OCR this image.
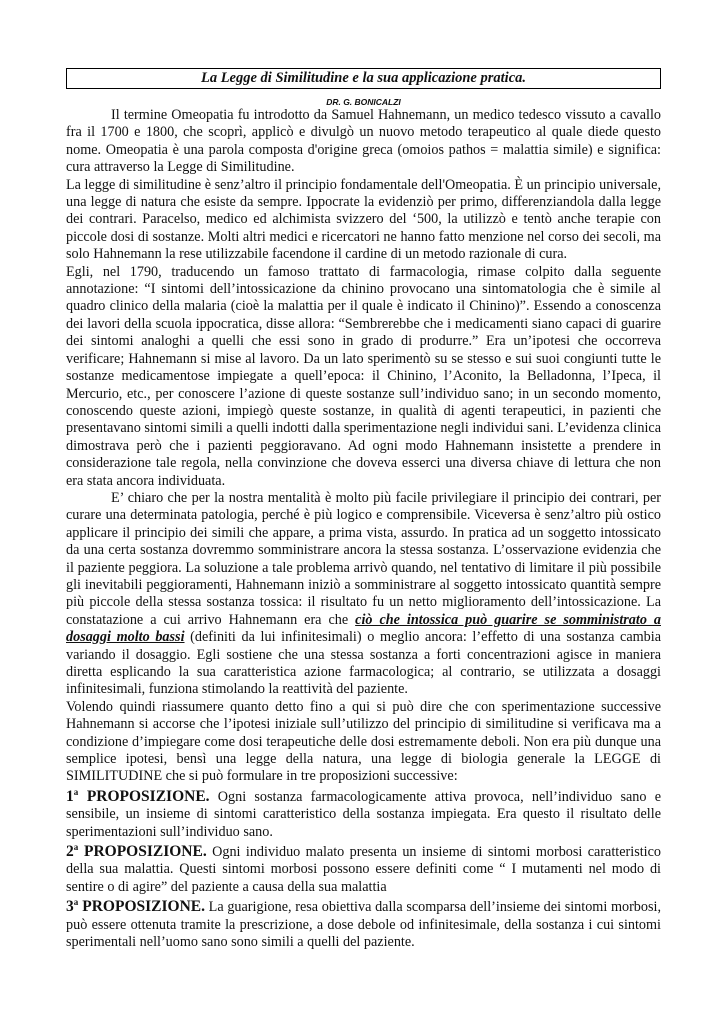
La Legge di Similitudine e la sua applicazione pratica.
DR. G. BONICALZI

Il termine Omeopatia fu introdotto da Samuel Hahnemann, un medico tedesco vissuto a cavallo fra il 1700 e 1800, che scoprì, applicò e divulgò un nuovo metodo terapeutico al quale diede questo nome. Omeopatia è una parola composta d'origine greca (omoios pathos = malattia simile) e significa: cura attraverso la Legge di Similitudine.

La legge di similitudine è senz’altro il principio fondamentale dell'Omeopatia. È un principio universale, una legge di natura che esiste da sempre. Ippocrate la evidenziò per primo, differenziandola dalla legge dei contrari. Paracelso, medico ed alchimista svizzero del ‘500, la utilizzò e tentò anche terapie con piccole dosi di sostanze. Molti altri medici e ricercatori ne hanno fatto menzione nel corso dei secoli, ma solo Hahnemann la rese utilizzabile facendone il cardine di un metodo razionale di cura.

Egli, nel 1790, traducendo un famoso trattato di farmacologia, rimase colpito dalla seguente annotazione: “I sintomi dell’intossicazione da chinino provocano una sintomatologia che è simile al quadro clinico della malaria (cioè la malattia per il quale è indicato il Chinino)”. Essendo a conoscenza dei lavori della scuola ippocratica, disse allora: “Sembrerebbe che i medicamenti siano capaci di guarire dei sintomi analoghi a quelli che essi sono in grado di produrre.” Era un’ipotesi che occorreva verificare; Hahnemann si mise al lavoro. Da un lato sperimentò su se stesso e sui suoi congiunti tutte le sostanze medicamentose impiegate a quell’epoca: il Chinino, l’Aconito, la Belladonna, l’Ipeca, il Mercurio, etc., per conoscere l’azione di queste sostanze sull’individuo sano; in un secondo momento, conoscendo queste azioni, impiegò queste sostanze, in qualità di agenti terapeutici, in pazienti che presentavano sintomi simili a quelli indotti dalla sperimentazione negli individui sani. L’evidenza clinica dimostrava però che i pazienti peggioravano. Ad ogni modo Hahnemann insistette a prendere in considerazione tale regola, nella convinzione che doveva esserci una diversa chiave di lettura che non era stata ancora individuata.

E’ chiaro che per la nostra mentalità è molto più facile privilegiare il principio dei contrari, per curare una determinata patologia, perché è più logico e comprensibile. Viceversa è senz’altro più ostico applicare il principio dei simili che appare, a prima vista, assurdo. In pratica ad un soggetto intossicato da una certa sostanza dovremmo somministrare ancora la stessa sostanza. L’osservazione evidenzia che il paziente peggiora. La soluzione a tale problema arrivò quando, nel tentativo di limitare il più possibile gli inevitabili peggioramenti, Hahnemann iniziò a somministrare al soggetto intossicato quantità sempre più piccole della stessa sostanza tossica: il risultato fu un netto miglioramento dell’intossicazione. La constatazione a cui arrivo Hahnemann era che ciò che intossica può guarire se somministrato a dosaggi molto bassi (definiti da lui infinitesimali) o meglio ancora: l’effetto di una sostanza cambia variando il dosaggio. Egli sostiene che una stessa sostanza a forti concentrazioni agisce in maniera diretta esplicando la sua caratteristica azione farmacologica; al contrario, se utilizzata a dosaggi infinitesimali, funziona stimolando la reattività del paziente.

Volendo quindi riassumere quanto detto fino a qui si può dire che con sperimentazione successive Hahnemann si accorse che l’ipotesi iniziale sull’utilizzo del principio di similitudine si verificava ma a condizione d’impiegare come dosi terapeutiche delle dosi estremamente deboli. Non era più dunque una semplice ipotesi, bensì una legge della natura, una legge di biologia generale la LEGGE di SIMILITUDINE che si può formulare in tre proposizioni successive:

1$^a$ PROPOSIZIONE. Ogni sostanza farmacologicamente attiva provoca, nell’individuo sano e sensibile, un insieme di sintomi caratteristico della sostanza impiegata. Era questo il risultato delle sperimentazioni sull’individuo sano.

2$^a$ PROPOSIZIONE. Ogni individuo malato presenta un insieme di sintomi morbosi caratteristico della sua malattia. Questi sintomi morbosi possono essere definiti come “ I mutamenti nel modo di sentire o di agire” del paziente a causa della sua malattia

3$^a$ PROPOSIZIONE. La guarigione, resa obiettiva dalla scomparsa dell’insieme dei sintomi morbosi, può essere ottenuta tramite la prescrizione, a dose debole od infinitesimale, della sostanza i cui sintomi sperimentali nell’uomo sano sono simili a quelli del paziente.
